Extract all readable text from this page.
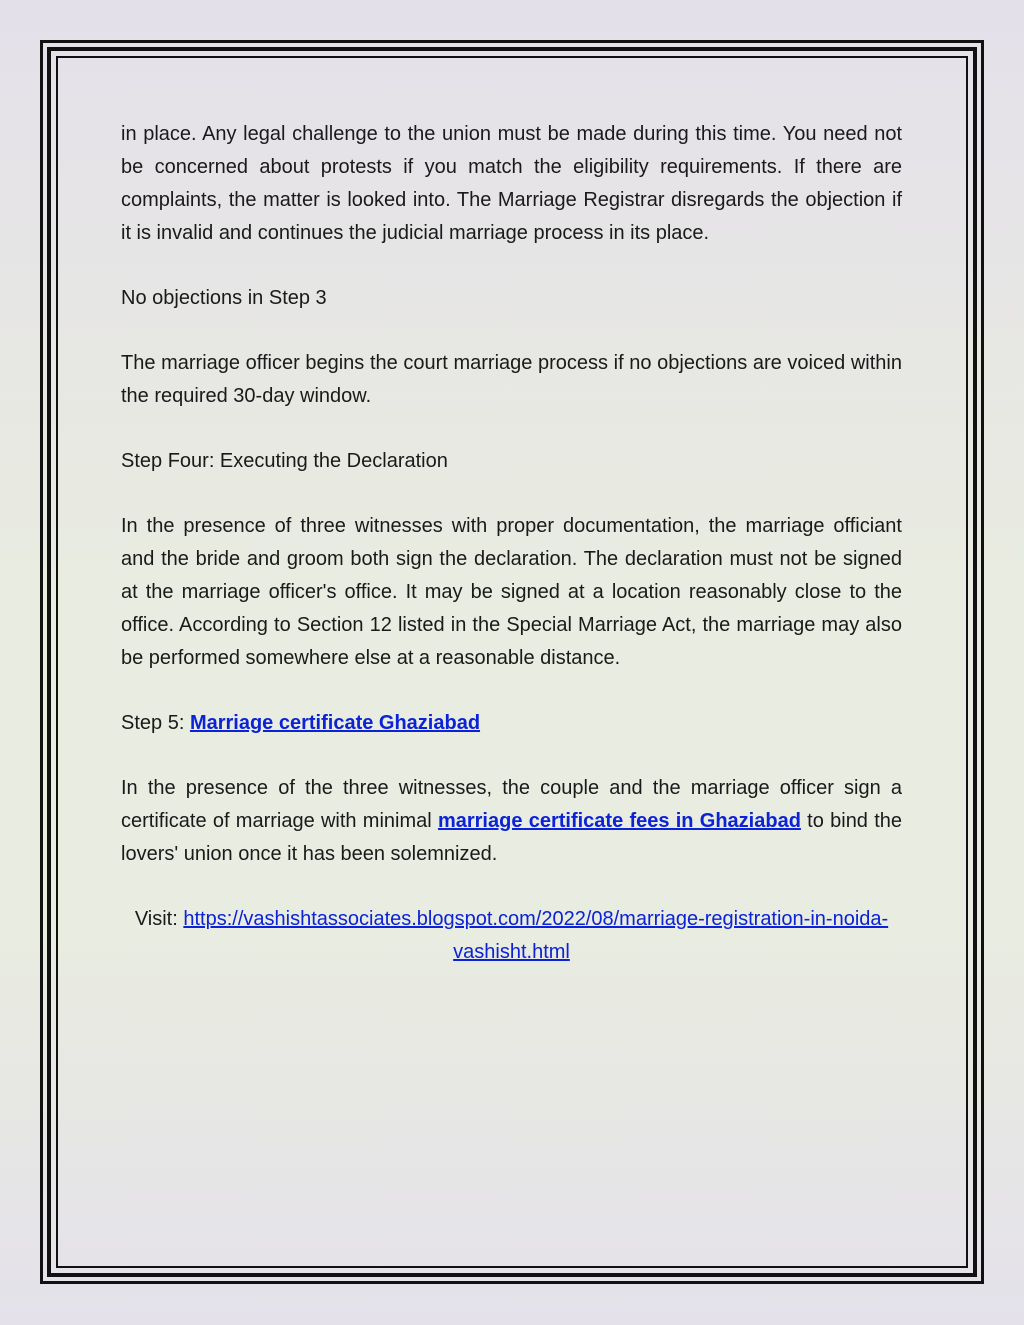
in place. Any legal challenge to the union must be made during this time. You need not be concerned about protests if you match the eligibility requirements. If there are complaints, the matter is looked into. The Marriage Registrar disregards the objection if it is invalid and continues the judicial marriage process in its place.

No objections in Step 3

The marriage officer begins the court marriage process if no objections are voiced within the required 30-day window.

Step Four: Executing the Declaration

In the presence of three witnesses with proper documentation, the marriage officiant and the bride and groom both sign the declaration. The declaration must not be signed at the marriage officer's office. It may be signed at a location reasonably close to the office. According to Section 12 listed in the Special Marriage Act, the marriage may also be performed somewhere else at a reasonable distance.

Step 5: Marriage certificate Ghaziabad

In the presence of the three witnesses, the couple and the marriage officer sign a certificate of marriage with minimal marriage certificate fees in Ghaziabad to bind the lovers' union once it has been solemnized.

Visit: https://vashishtassociates.blogspot.com/2022/08/marriage-registration-in-noida-vashisht.html
